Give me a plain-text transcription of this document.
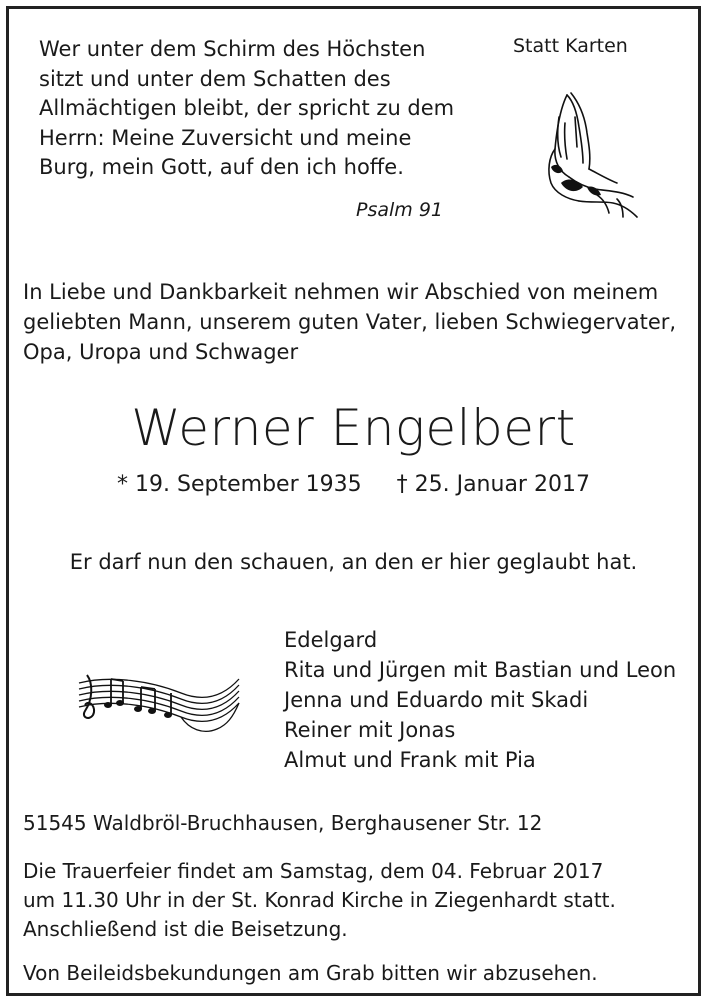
Wer unter dem Schirm des Höchsten
sitzt und unter dem Schatten des
Allmächtigen bleibt, der spricht zu dem
Herrn: Meine Zuversicht und meine
Burg, mein Gott, auf den ich hoffe.
Statt Karten
Psalm 91
In Liebe und Dankbarkeit nehmen wir Abschied von meinem
geliebten Mann, unserem guten Vater, lieben Schwiegervater,
Opa, Uropa und Schwager
Werner Engelbert
* 19. September 1935 † 25. Januar 2017
Er darf nun den schauen, an den er hier geglaubt hat.
Edelgard
Rita und Jürgen mit Bastian und Leon
Jenna und Eduardo mit Skadi
Reiner mit Jonas
Almut und Frank mit Pia
51545 Waldbröl-Bruchhausen, Berghausener Str. 12
Die Trauerfeier findet am Samstag, dem 04. Februar 2017
um 11.30 Uhr in der St. Konrad Kirche in Ziegenhardt statt.
Anschließend ist die Beisetzung.
Von Beileidsbekundungen am Grab bitten wir abzusehen.
